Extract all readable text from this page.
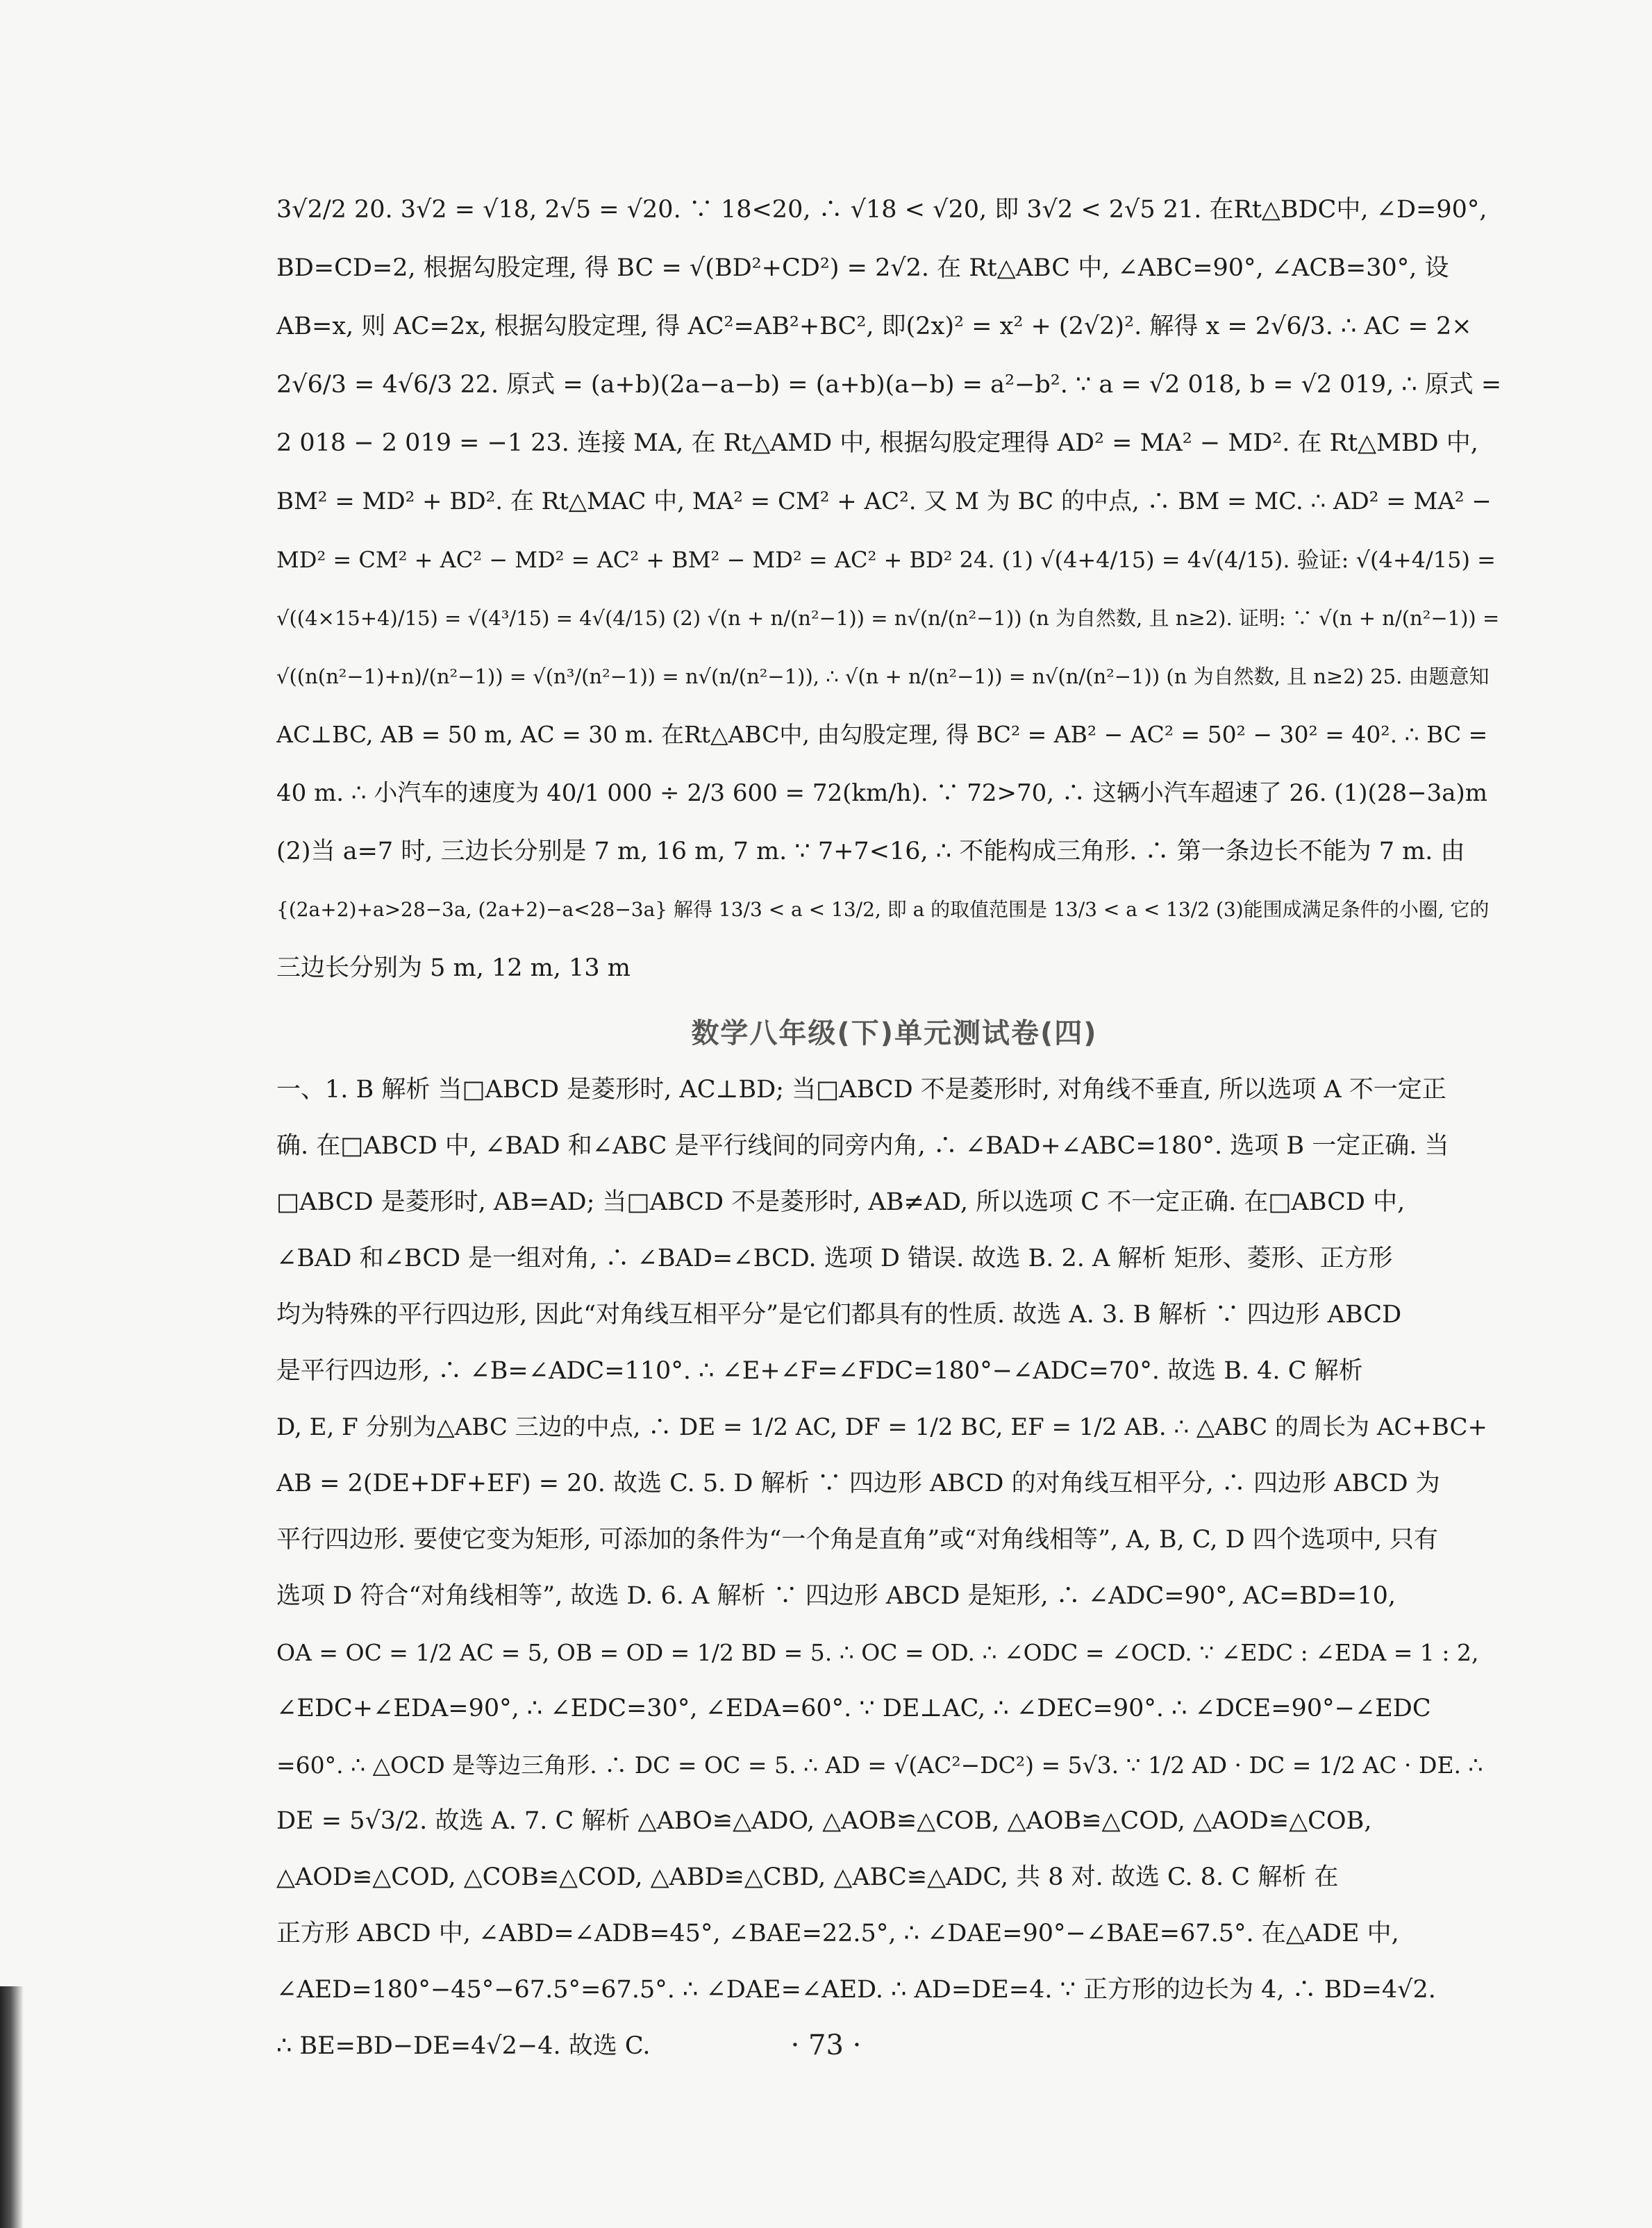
3√2/2 20. 3√2 = √18, 2√5 = √20. ∵ 18<20, ∴ √18 < √20, 即 3√2 < 2√5 21. 在Rt△BDC中, ∠D=90°,
BD=CD=2, 根据勾股定理, 得 BC = √(BD²+CD²) = 2√2. 在 Rt△ABC 中, ∠ABC=90°, ∠ACB=30°, 设
AB=x, 则 AC=2x, 根据勾股定理, 得 AC²=AB²+BC², 即(2x)² = x² + (2√2)². 解得 x = 2√6/3. ∴ AC = 2×
2√6/3 = 4√6/3 22. 原式 = (a+b)(2a−a−b) = (a+b)(a−b) = a²−b². ∵ a = √2 018, b = √2 019, ∴ 原式 =
2 018 − 2 019 = −1 23. 连接 MA, 在 Rt△AMD 中, 根据勾股定理得 AD² = MA² − MD². 在 Rt△MBD 中,
BM² = MD² + BD². 在 Rt△MAC 中, MA² = CM² + AC². 又 M 为 BC 的中点, ∴ BM = MC. ∴ AD² = MA² −
MD² = CM² + AC² − MD² = AC² + BM² − MD² = AC² + BD² 24. (1) √(4+4/15) = 4√(4/15). 验证: √(4+4/15) =
√((4×15+4)/15) = √(4³/15) = 4√(4/15) (2) √(n + n/(n²−1)) = n√(n/(n²−1)) (n 为自然数, 且 n≥2). 证明: ∵ √(n + n/(n²−1)) =
√((n(n²−1)+n)/(n²−1)) = √(n³/(n²−1)) = n√(n/(n²−1)), ∴ √(n + n/(n²−1)) = n√(n/(n²−1)) (n 为自然数, 且 n≥2) 25. 由题意知
AC⊥BC, AB = 50 m, AC = 30 m. 在Rt△ABC中, 由勾股定理, 得 BC² = AB² − AC² = 50² − 30² = 40². ∴ BC =
40 m. ∴ 小汽车的速度为 40/1 000 ÷ 2/3 600 = 72(km/h). ∵ 72>70, ∴ 这辆小汽车超速了 26. (1)(28−3a)m
(2)当 a=7 时, 三边长分别是 7 m, 16 m, 7 m. ∵ 7+7<16, ∴ 不能构成三角形. ∴ 第一条边长不能为 7 m. 由
{(2a+2)+a>28−3a, (2a+2)−a<28−3a} 解得 13/3 < a < 13/2, 即 a 的取值范围是 13/3 < a < 13/2 (3)能围成满足条件的小圈, 它的
三边长分别为 5 m, 12 m, 13 m
数学八年级(下)单元测试卷(四)
一、1. B 解析 当□ABCD 是菱形时, AC⊥BD; 当□ABCD 不是菱形时, 对角线不垂直, 所以选项 A 不一定正
确. 在□ABCD 中, ∠BAD 和∠ABC 是平行线间的同旁内角, ∴ ∠BAD+∠ABC=180°. 选项 B 一定正确. 当
□ABCD 是菱形时, AB=AD; 当□ABCD 不是菱形时, AB≠AD, 所以选项 C 不一定正确. 在□ABCD 中,
∠BAD 和∠BCD 是一组对角, ∴ ∠BAD=∠BCD. 选项 D 错误. 故选 B. 2. A 解析 矩形、菱形、正方形
均为特殊的平行四边形, 因此“对角线互相平分”是它们都具有的性质. 故选 A. 3. B 解析 ∵ 四边形 ABCD
是平行四边形, ∴ ∠B=∠ADC=110°. ∴ ∠E+∠F=∠FDC=180°−∠ADC=70°. 故选 B. 4. C 解析
D, E, F 分别为△ABC 三边的中点, ∴ DE = 1/2 AC, DF = 1/2 BC, EF = 1/2 AB. ∴ △ABC 的周长为 AC+BC+
AB = 2(DE+DF+EF) = 20. 故选 C. 5. D 解析 ∵ 四边形 ABCD 的对角线互相平分, ∴ 四边形 ABCD 为
平行四边形. 要使它变为矩形, 可添加的条件为“一个角是直角”或“对角线相等”, A, B, C, D 四个选项中, 只有
选项 D 符合“对角线相等”, 故选 D. 6. A 解析 ∵ 四边形 ABCD 是矩形, ∴ ∠ADC=90°, AC=BD=10,
OA = OC = 1/2 AC = 5, OB = OD = 1/2 BD = 5. ∴ OC = OD. ∴ ∠ODC = ∠OCD. ∵ ∠EDC : ∠EDA = 1 : 2,
∠EDC+∠EDA=90°, ∴ ∠EDC=30°, ∠EDA=60°. ∵ DE⊥AC, ∴ ∠DEC=90°. ∴ ∠DCE=90°−∠EDC
=60°. ∴ △OCD 是等边三角形. ∴ DC = OC = 5. ∴ AD = √(AC²−DC²) = 5√3. ∵ 1/2 AD · DC = 1/2 AC · DE. ∴
DE = 5√3/2. 故选 A. 7. C 解析 △ABO≌△ADO, △AOB≌△COB, △AOB≌△COD, △AOD≌△COB,
△AOD≌△COD, △COB≌△COD, △ABD≌△CBD, △ABC≌△ADC, 共 8 对. 故选 C. 8. C 解析 在
正方形 ABCD 中, ∠ABD=∠ADB=45°, ∠BAE=22.5°, ∴ ∠DAE=90°−∠BAE=67.5°. 在△ADE 中,
∠AED=180°−45°−67.5°=67.5°. ∴ ∠DAE=∠AED. ∴ AD=DE=4. ∵ 正方形的边长为 4, ∴ BD=4√2.
∴ BE=BD−DE=4√2−4. 故选 C.	· 73 ·
